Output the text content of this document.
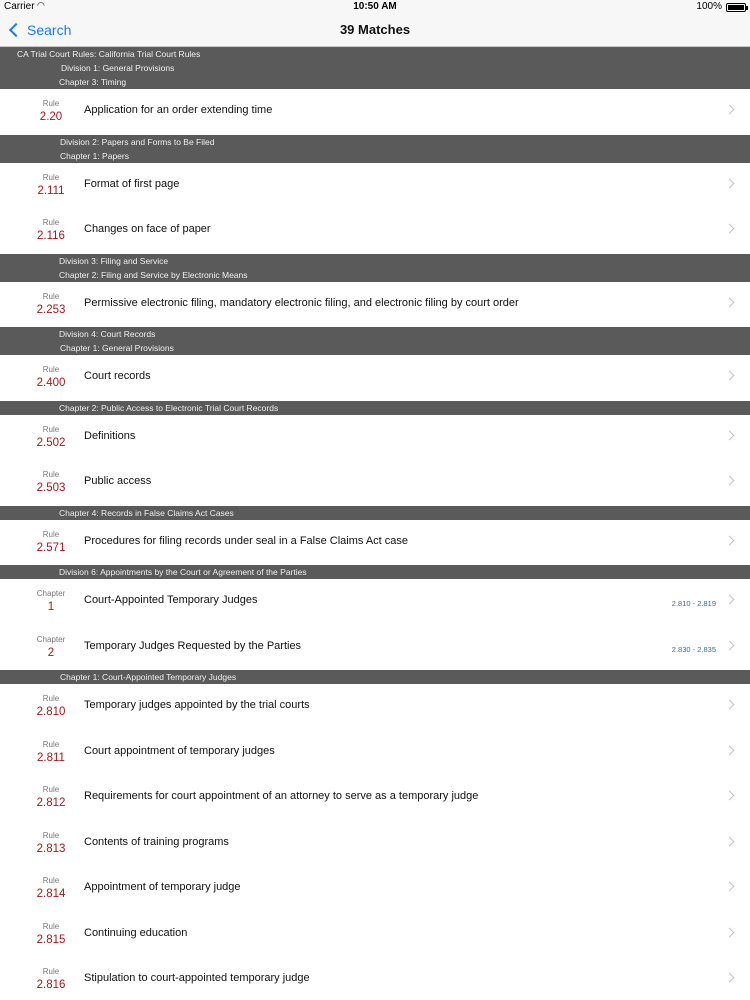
Carrier ◠	10:50 AM	100%
Search	39 Matches
CA Trial Court Rules: California Trial Court Rules
Division 1: General Provisions
Chapter 3: Timing
Rule
2.20
Application for an order extending time
Division 2: Papers and Forms to Be Filed
Chapter 1: Papers
Rule
2.111
Format of first page
Rule
2.116
Changes on face of paper
Division 3: Filing and Service
Chapter 2: Filing and Service by Electronic Means
Rule
2.253
Permissive electronic filing, mandatory electronic filing, and electronic filing by court order
Division 4: Court Records
Chapter 1: General Provisions
Rule
2.400
Court records
Chapter 2: Public Access to Electronic Trial Court Records
Rule
2.502
Definitions
Rule
2.503
Public access
Chapter 4: Records in False Claims Act Cases
Rule
2.571
Procedures for filing records under seal in a False Claims Act case
Division 6: Appointments by the Court or Agreement of the Parties
Chapter
1
Court-Appointed Temporary Judges	2.810 - 2.819
Chapter
2
Temporary Judges Requested by the Parties	2.830 - 2.835
Chapter 1: Court-Appointed Temporary Judges
Rule
2.810
Temporary judges appointed by the trial courts
Rule
2.811
Court appointment of temporary judges
Rule
2.812
Requirements for court appointment of an attorney to serve as a temporary judge
Rule
2.813
Contents of training programs
Rule
2.814
Appointment of temporary judge
Rule
2.815
Continuing education
Rule
2.816
Stipulation to court-appointed temporary judge
